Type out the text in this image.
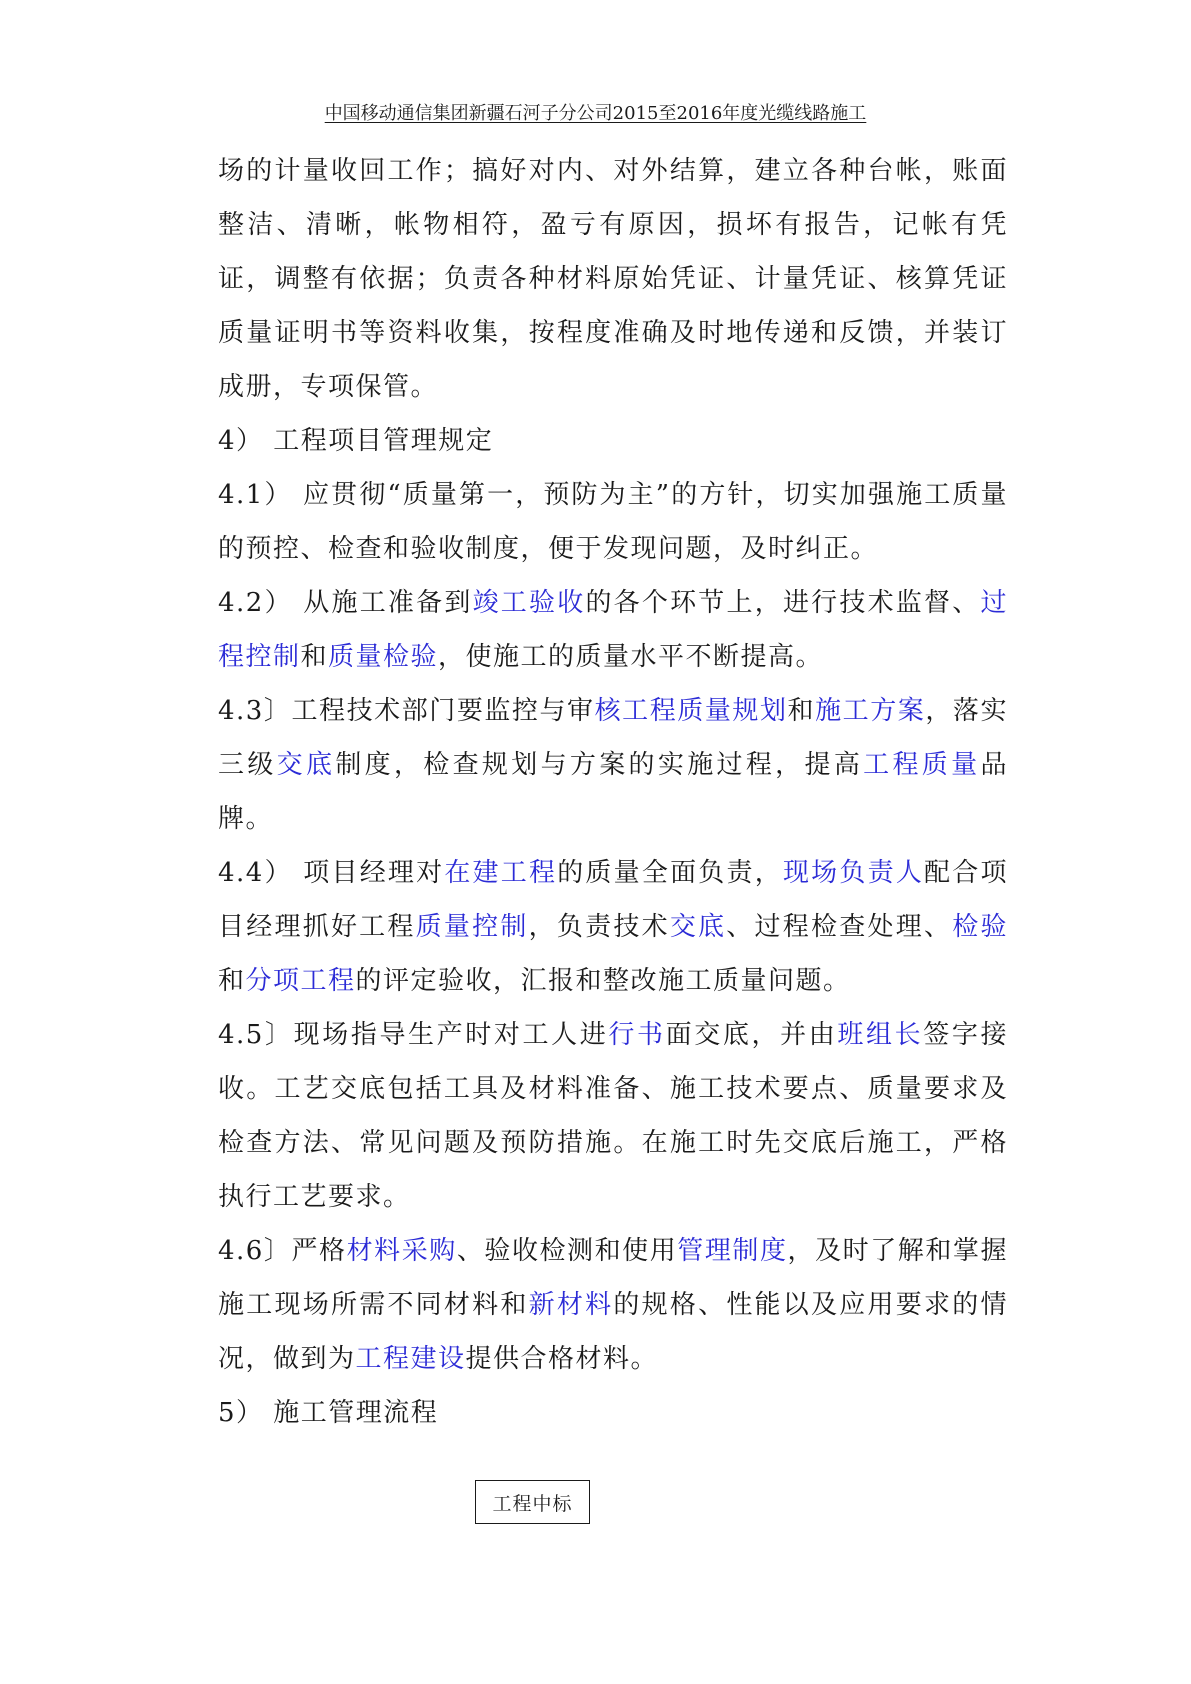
中国移动通信集团新疆石河子分公司2015至2016年度光缆线路施工

场的计量收回工作；搞好对内、对外结算，建立各种台帐，账面整洁、清晰，帐物相符，盈亏有原因，损坏有报告，记帐有凭证，调整有依据；负责各种材料原始凭证、计量凭证、核算凭证质量证明书等资料收集，按程度准确及时地传递和反馈，并装订成册，专项保管。

4） 工程项目管理规定

4.1） 应贯彻“质量第一，预防为主”的方针，切实加强施工质量的预控、检查和验收制度，便于发现问题，及时纠正。

4.2） 从施工准备到竣工验收的各个环节上，进行技术监督、过程控制和质量检验，使施工的质量水平不断提高。

4.3〕工程技术部门要监控与审核工程质量规划和施工方案，落实三级交底制度，检查规划与方案的实施过程，提高工程质量品牌。

4.4） 项目经理对在建工程的质量全面负责，现场负责人配合项目经理抓好工程质量控制，负责技术交底、过程检查处理、检验和分项工程的评定验收，汇报和整改施工质量问题。

4.5〕现场指导生产时对工人进行书面交底，并由班组长签字接收。工艺交底包括工具及材料准备、施工技术要点、质量要求及检查方法、常见问题及预防措施。在施工时先交底后施工，严格执行工艺要求。

4.6〕严格材料采购、验收检测和使用管理制度，及时了解和掌握施工现场所需不同材料和新材料的规格、性能以及应用要求的情况，做到为工程建设提供合格材料。

5） 施工管理流程

工程中标
